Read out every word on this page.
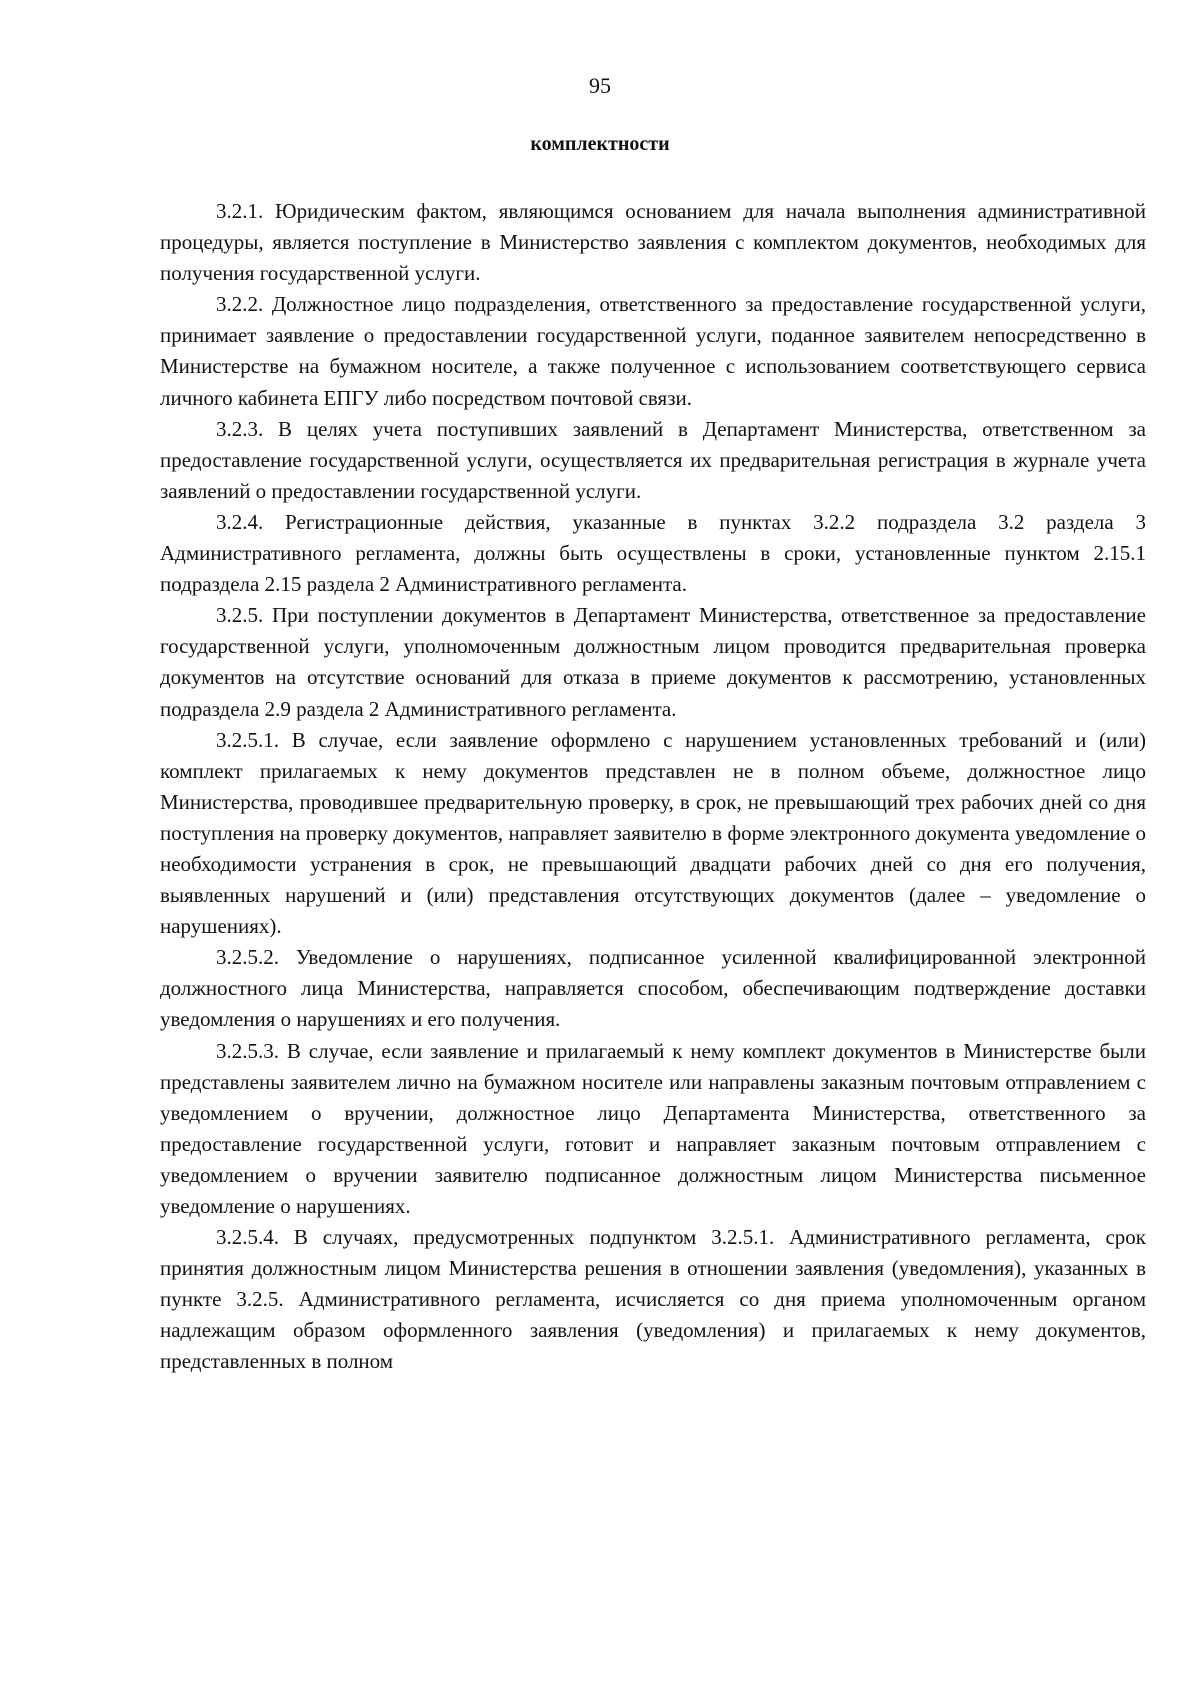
95
комплектности

3.2.1. Юридическим фактом, являющимся основанием для начала выполнения административной процедуры, является поступление в Министерство заявления с комплектом документов, необходимых для получения государственной услуги.

3.2.2. Должностное лицо подразделения, ответственного за предоставление государственной услуги, принимает заявление о предоставлении государственной услуги, поданное заявителем непосредственно в Министерстве на бумажном носителе, а также полученное с использованием соответствующего сервиса личного кабинета ЕПГУ либо посредством почтовой связи.

3.2.3. В целях учета поступивших заявлений в Департамент Министерства, ответственном за предоставление государственной услуги, осуществляется их предварительная регистрация в журнале учета заявлений о предоставлении государственной услуги.

3.2.4. Регистрационные действия, указанные в пунктах 3.2.2 подраздела 3.2 раздела 3 Административного регламента, должны быть осуществлены в сроки, установленные пунктом 2.15.1 подраздела 2.15 раздела 2 Административного регламента.

3.2.5. При поступлении документов в Департамент Министерства, ответственное за предоставление государственной услуги, уполномоченным должностным лицом проводится предварительная проверка документов на отсутствие оснований для отказа в приеме документов к рассмотрению, установленных подраздела 2.9 раздела 2 Административного регламента.

3.2.5.1. В случае, если заявление оформлено с нарушением установленных требований и (или) комплект прилагаемых к нему документов представлен не в полном объеме, должностное лицо Министерства, проводившее предварительную проверку, в срок, не превышающий трех рабочих дней со дня поступления на проверку документов, направляет заявителю в форме электронного документа уведомление о необходимости устранения в срок, не превышающий двадцати рабочих дней со дня его получения, выявленных нарушений и (или) представления отсутствующих документов (далее – уведомление о нарушениях).

3.2.5.2. Уведомление о нарушениях, подписанное усиленной квалифицированной электронной должностного лица Министерства, направляется способом, обеспечивающим подтверждение доставки уведомления о нарушениях и его получения.

3.2.5.3. В случае, если заявление и прилагаемый к нему комплект документов в Министерстве были представлены заявителем лично на бумажном носителе или направлены заказным почтовым отправлением с уведомлением о вручении, должностное лицо Департамента Министерства, ответственного за предоставление государственной услуги, готовит и направляет заказным почтовым отправлением с уведомлением о вручении заявителю подписанное должностным лицом Министерства письменное уведомление о нарушениях.

3.2.5.4. В случаях, предусмотренных подпунктом 3.2.5.1. Административного регламента, срок принятия должностным лицом Министерства решения в отношении заявления (уведомления), указанных в пункте 3.2.5. Административного регламента, исчисляется со дня приема уполномоченным органом надлежащим образом оформленного заявления (уведомления) и прилагаемых к нему документов, представленных в полном
